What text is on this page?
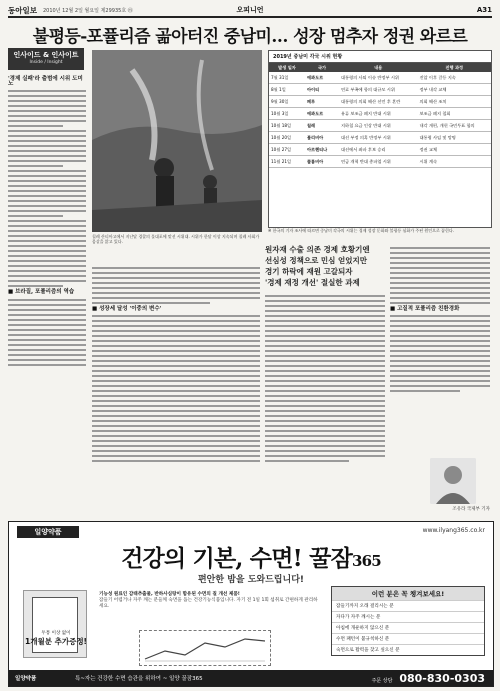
동아일보 2010년 12월 2일 월요일 제29935호 ㊃	오피니언	A31
불평등-포퓰리즘 곪아터진 중남미… 성장 멈추자 정권 와르르
인사이드 & 인사이트
Inside / Insight
'경제 실패'라 출범에 시위 도미노
■ 브라질, 포퓰리즘의 역습
칠레 산티아고에서 지난달 경찰의 물대포에 맞선 시위대. 시위가 한달 이상 지속되며 칠레 사회가 몸살을 앓고 있다.
2019년 중남미 각국 시위 현황
발생 일자	국가	내용	진행 과정
7월 31일	에콰도르	대통령의 사퇴 이슈 반정부 시위	진압 이후 갈등 지속
8월 1일	아이티	연료 부족에 항의 대규모 시위	정부 내각 교체
9월 30일	페루	대통령의 의회 해산 선언 후 혼란	의회 해산 조치
10월 3일	에콰도르	유류 보조금 폐지 반대 시위	보조금 폐지 철회
10월 18일	칠레	지하철 요금 인상 반대 시위	내각 개편, 개헌 국민투표 합의
10월 20일	볼리비아	대선 부정 의혹 반정부 시위	대통령 사임 및 망명
10월 27일	아르헨티나	대선에서 좌파 후보 승리	정권 교체
11월 21일	콜롬비아	연금 개혁 반대 총파업 시위	시위 계속
※ 한국의 기자 조사에 따르면 중남미 각국의 시위는 경제 성장 둔화와 불평등 심화가 주된 원인으로 꼽힌다.
원자재 수출 의존 경제 호황기엔
선심성 정책으로 민심 얻었지만
경기 하락에 재원 고갈되자
'경제 재정 개선' 절실한 과제
■ 성장세 달성 '이중의 변수'	■ 고질적 포퓰리즘 친환경화
조유라 국제부 기자
일양약품	www.ilyang365.co.kr
건강의 기본, 수면! 꿀잠365
편안한 밤을 도와드립니다!
두통 이상 없이
1개월분 추가증정!
기능성 원료인 감태추출물, 반하사심탕이 함유된 수면의 질 개선 제품!
잠들기 어렵거나 자주 깨는 분들께 숙면을 돕는 건강기능식품입니다. 자기 전 1일 1회 섭취로 간편하게 관리하세요.
이런 분은 꼭 챙겨보세요!
잠들기까지 오래 걸리시는 분
자다가 자주 깨시는 분
아침에 개운하지 않으신 분
수면 패턴이 불규칙하신 분
숙면으로 활력을 찾고 싶으신 분
일양약품	특~자는 건강한 수면 습관을 위하여 ~ 일양 꿀잠365	주문 상담 080-830-0303
